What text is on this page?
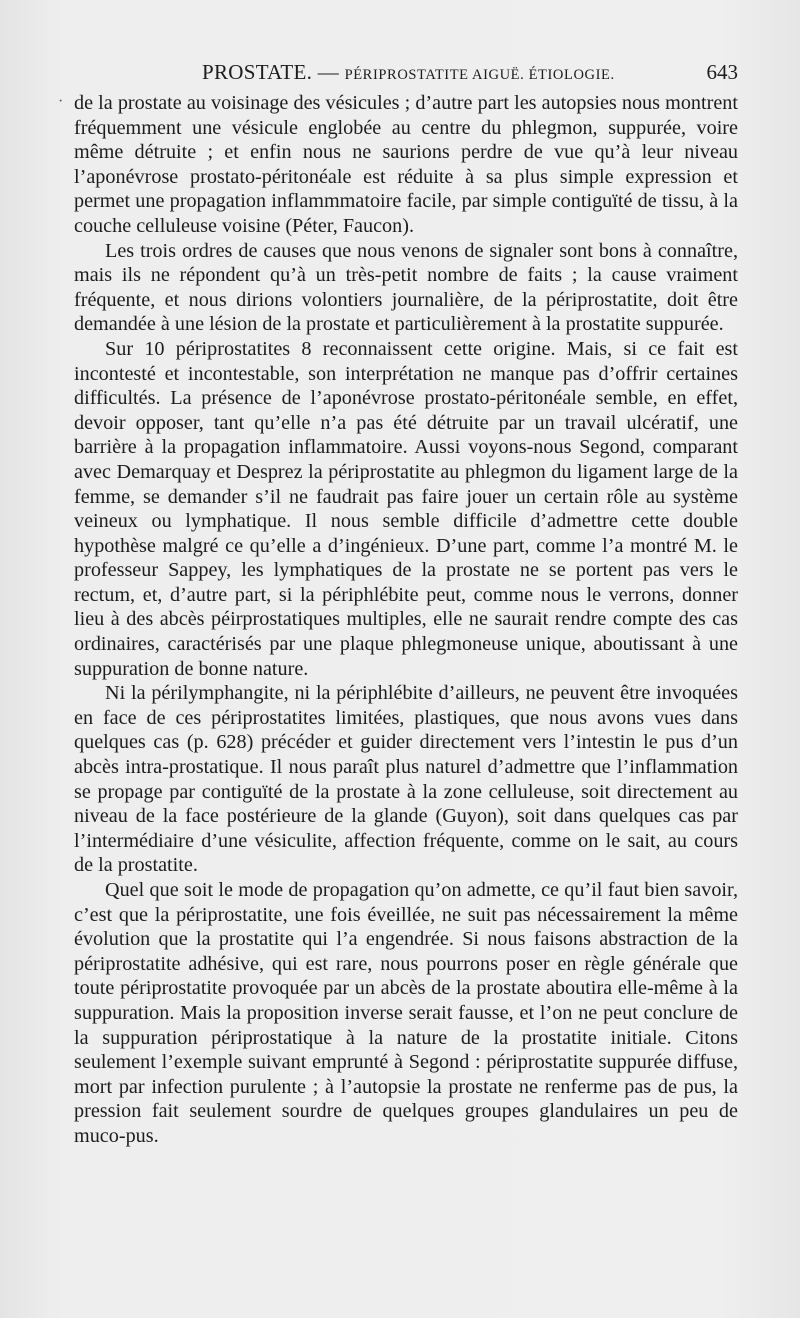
·
PROSTATE. — PÉRIPROSTATITE AIGUË. ÉTIOLOGIE.	643

de la prostate au voisinage des vésicules ; d’autre part les autopsies nous montrent fréquemment une vésicule englobée au centre du phlegmon, suppurée, voire même détruite ; et enfin nous ne saurions perdre de vue qu’à leur niveau l’aponévrose prostato-péritonéale est réduite à sa plus simple expression et permet une propagation inflammmatoire facile, par simple contiguïté de tissu, à la couche celluleuse voisine (Péter, Faucon).

Les trois ordres de causes que nous venons de signaler sont bons à connaître, mais ils ne répondent qu’à un très-petit nombre de faits ; la cause vraiment fréquente, et nous dirions volontiers journalière, de la périprostatite, doit être demandée à une lésion de la prostate et particulièrement à la prostatite suppurée.

Sur 10 périprostatites 8 reconnaissent cette origine. Mais, si ce fait est incontesté et incontestable, son interprétation ne manque pas d’offrir certaines difficultés. La présence de l’aponévrose prostato-péritonéale semble, en effet, devoir opposer, tant qu’elle n’a pas été détruite par un travail ulcératif, une barrière à la propagation inflammatoire. Aussi voyons-nous Segond, comparant avec Demarquay et Desprez la périprostatite au phlegmon du ligament large de la femme, se demander s’il ne faudrait pas faire jouer un certain rôle au système veineux ou lymphatique. Il nous semble difficile d’admettre cette double hypothèse malgré ce qu’elle a d’ingénieux. D’une part, comme l’a montré M. le professeur Sappey, les lymphatiques de la prostate ne se portent pas vers le rectum, et, d’autre part, si la périphlébite peut, comme nous le verrons, donner lieu à des abcès péirprostatiques multiples, elle ne saurait rendre compte des cas ordinaires, caractérisés par une plaque phlegmoneuse unique, aboutissant à une suppuration de bonne nature.

Ni la périlymphangite, ni la périphlébite d’ailleurs, ne peuvent être invoquées en face de ces périprostatites limitées, plastiques, que nous avons vues dans quelques cas (p. 628) précéder et guider directement vers l’intestin le pus d’un abcès intra-prostatique. Il nous paraît plus naturel d’admettre que l’inflammation se propage par contiguïté de la prostate à la zone celluleuse, soit directement au niveau de la face postérieure de la glande (Guyon), soit dans quelques cas par l’intermédiaire d’une vésiculite, affection fréquente, comme on le sait, au cours de la prostatite.

Quel que soit le mode de propagation qu’on admette, ce qu’il faut bien savoir, c’est que la périprostatite, une fois éveillée, ne suit pas nécessairement la même évolution que la prostatite qui l’a engendrée. Si nous faisons abstraction de la périprostatite adhésive, qui est rare, nous pourrons poser en règle générale que toute périprostatite provoquée par un abcès de la prostate aboutira elle-même à la suppuration. Mais la proposition inverse serait fausse, et l’on ne peut conclure de la suppuration périprostatique à la nature de la prostatite initiale. Citons seulement l’exemple suivant emprunté à Segond : périprostatite suppurée diffuse, mort par infection purulente ; à l’autopsie la prostate ne renferme pas de pus, la pression fait seulement sourdre de quelques groupes glandulaires un peu de muco-pus.
